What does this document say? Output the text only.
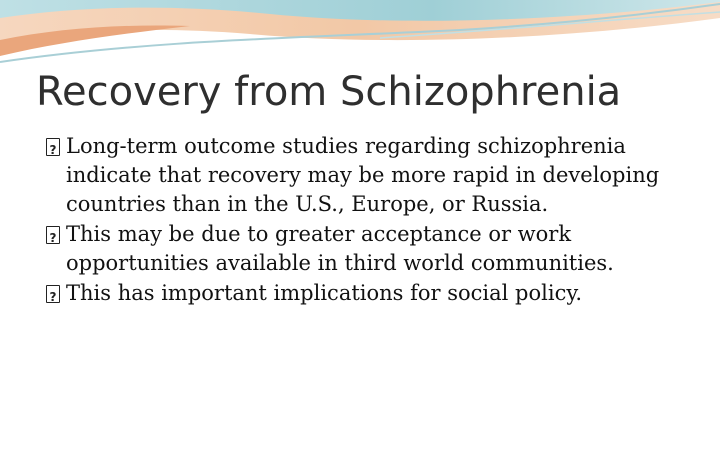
Recovery from Schizophrenia
?
Long-term outcome studies regarding schizophrenia indicate that recovery may be more rapid in developing countries than in the U.S., Europe, or Russia.
?
This may be due to greater acceptance or work opportunities available in third world communities.
?
This has important implications for social policy.
